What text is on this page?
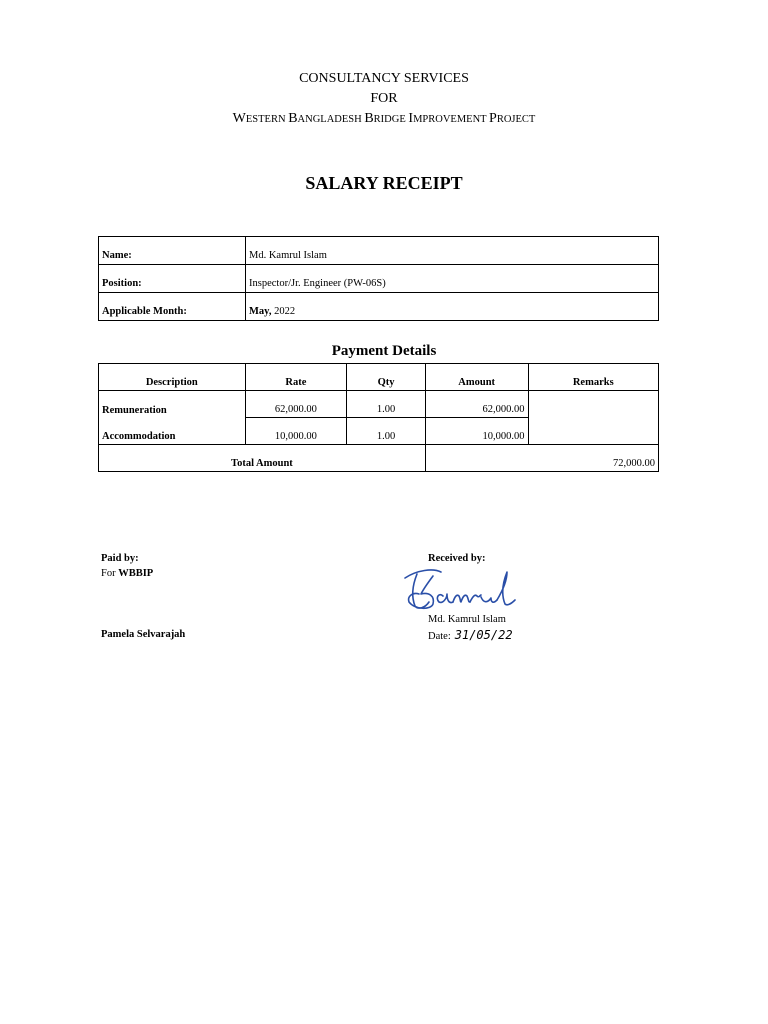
CONSULTANCY SERVICES
FOR
WESTERN BANGLADESH BRIDGE IMPROVEMENT PROJECT
SALARY RECEIPT
Name:	Md. Kamrul Islam
Position:	Inspector/Jr. Engineer (PW-06S)
Applicable Month:	May, 2022
Payment Details
Description	Rate	Qty	Amount	Remarks
Remuneration	62,000.00	1.00	62,000.00	
Accommodation	10,000.00	1.00	10,000.00	
Total Amount			72,000.00	
Paid by:
For WBBIP
Pamela Selvarajah
Received by:
Md. Kamrul Islam
Date: 31/05/22
